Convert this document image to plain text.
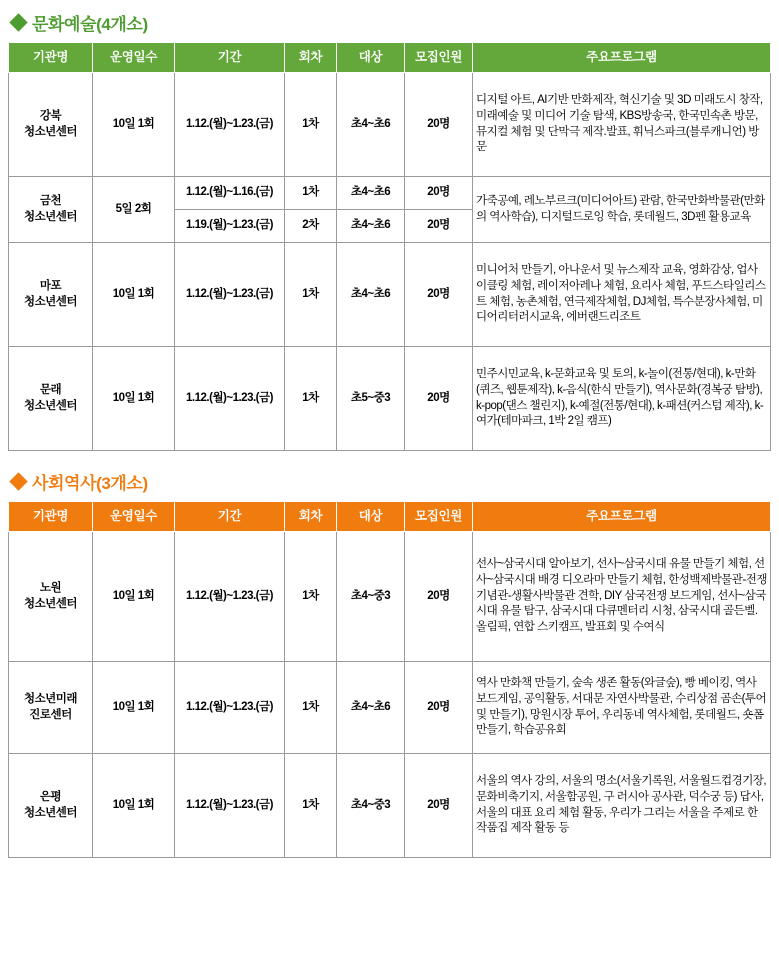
문화예술(4개소)
기관명	운영일수	기간	회차	대상	모집인원	주요프로그램
강북
청소년센터	10일 1회	1.12.(월)~1.23.(금)	1차	초4~초6	20명	디지털 아트, AI기반 만화제작, 혁신기술 및 3D 미래도시 창작, 미래예술 및 미디어 기술 탐색, KBS방송국, 한국민속촌 방문, 뮤지컬 체험 및 단막극 제작.발표, 휘닉스파크(블루캐니언) 방문
금천
청소년센터	5일 2회	1.12.(월)~1.16.(금)	1차	초4~초6	20명	가죽공예, 레노부르크(미디어아트) 관람, 한국만화박물관(만화의 역사학습), 디지털드로잉 학습, 롯데월드, 3D펜 활용교육
		1.19.(월)~1.23.(금)	2차	초4~초6	20명	
마포
청소년센터	10일 1회	1.12.(월)~1.23.(금)	1차	초4~초6	20명	미니어처 만들기, 아나운서 및 뉴스제작 교육, 영화감상, 업사이클링 체험, 레이저아레나 체험, 요리사 체험, 푸드스타일리스트 체험, 농촌체험, 연극제작체험, DJ체험, 특수분장사체험, 미디어리터러시교육, 에버랜드리조트
문래
청소년센터	10일 1회	1.12.(월)~1.23.(금)	1차	초5~중3	20명	민주시민교육, k-문화교육 및 토의, k-놀이(전통/현대), k-만화(퀴즈, 웹툰제작), k-음식(한식 만들기), 역사문화(경복궁 탐방), k-pop(댄스 챌린지), k-예절(전통/현대), k-패션(커스텀 제작), k-여가(테마파크, 1박 2일 캠프)
사회역사(3개소)
기관명	운영일수	기간	회차	대상	모집인원	주요프로그램
노원
청소년센터	10일 1회	1.12.(월)~1.23.(금)	1차	초4~중3	20명	선사~삼국시대 알아보기, 선사~삼국시대 유물 만들기 체험, 선사~삼국시대 배경 디오라마 만들기 체험, 한성백제박물관-전쟁기념관-생활사박물관 견학, DIY 삼국전쟁 보드게임, 선사~삼국시대 유물 탐구, 삼국시대 다큐멘터리 시청, 삼국시대 골든벨.올림픽, 연합 스키캠프, 발표회 및 수여식
청소년미래
진로센터	10일 1회	1.12.(월)~1.23.(금)	1차	초4~초6	20명	역사 만화책 만들기, 숲속 생존 활동(와글숲), 빵 베이킹, 역사 보드게임, 공익활동, 서대문 자연사박물관, 수리상점 곰손(투어 및 만들기), 망원시장 투어, 우리동네 역사체험, 롯데월드, 숏폼 만들기, 학습공유회
은평
청소년센터	10일 1회	1.12.(월)~1.23.(금)	1차	초4~중3	20명	서울의 역사 강의, 서울의 명소(서울기록원, 서울월드컵경기장, 문화비축기지, 서울함공원, 구 러시아 공사관, 덕수궁 등) 답사, 서울의 대표 요리 체험 활동, 우리가 그리는 서울을 주제로 한 작품집 제작 활동 등
